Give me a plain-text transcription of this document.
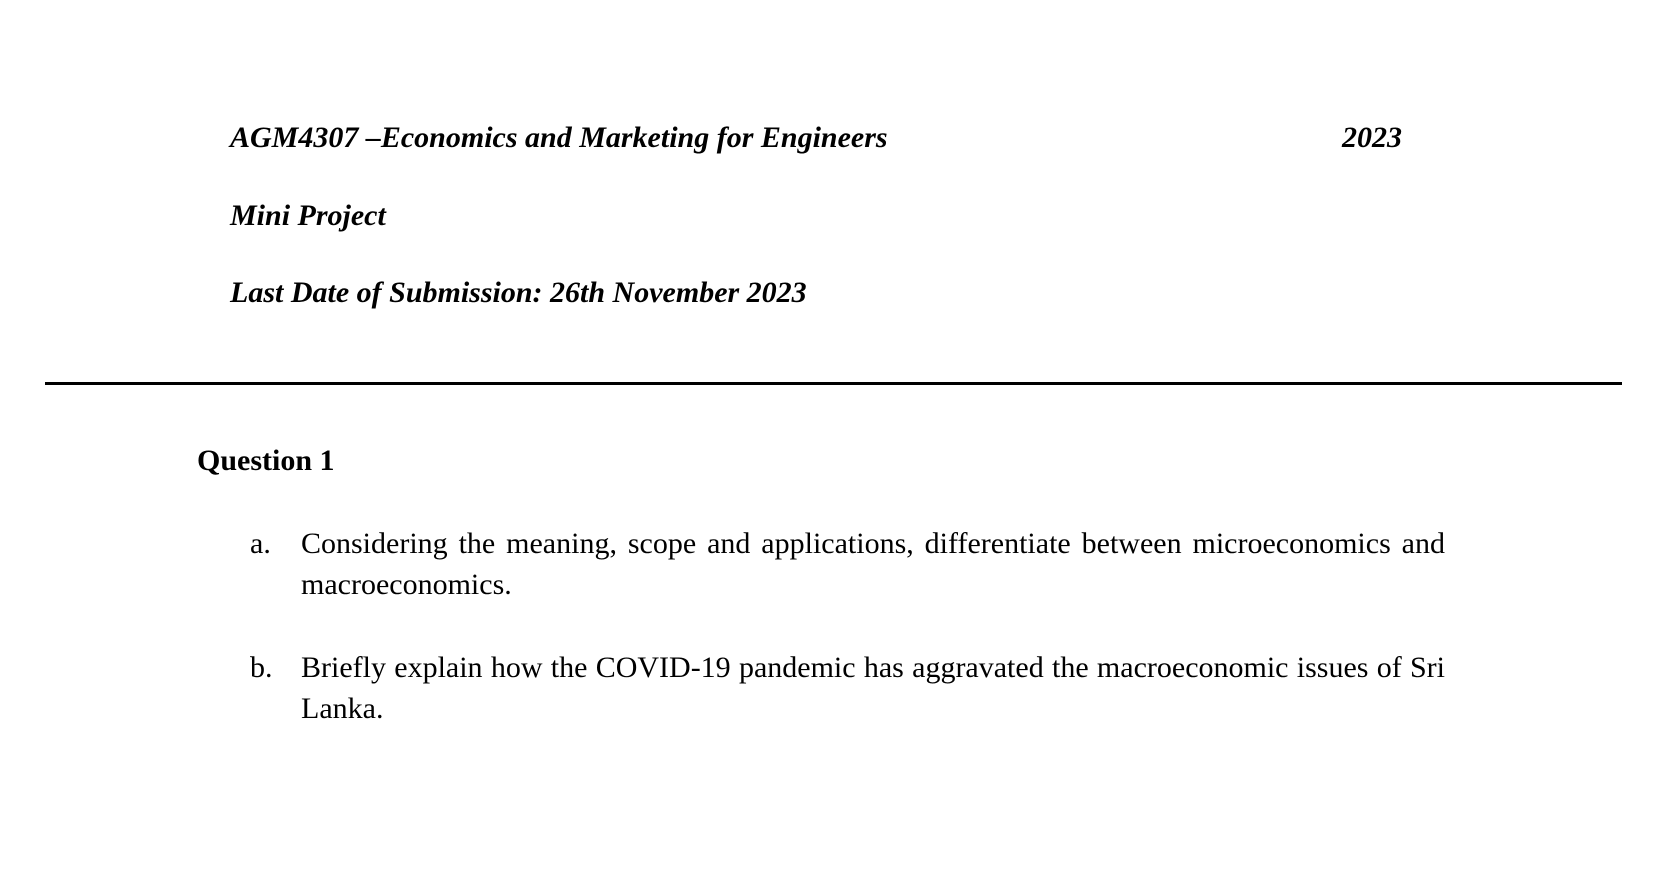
AGM4307 –Economics and Marketing for Engineers	2023
Mini Project
Last Date of Submission: 26th November 2023
Question 1
a.	Considering the meaning, scope and applications, differentiate between microeconomics and macroeconomics.
b. Briefly explain how the COVID-19 pandemic has aggravated the macroeconomic issues of Sri Lanka.
